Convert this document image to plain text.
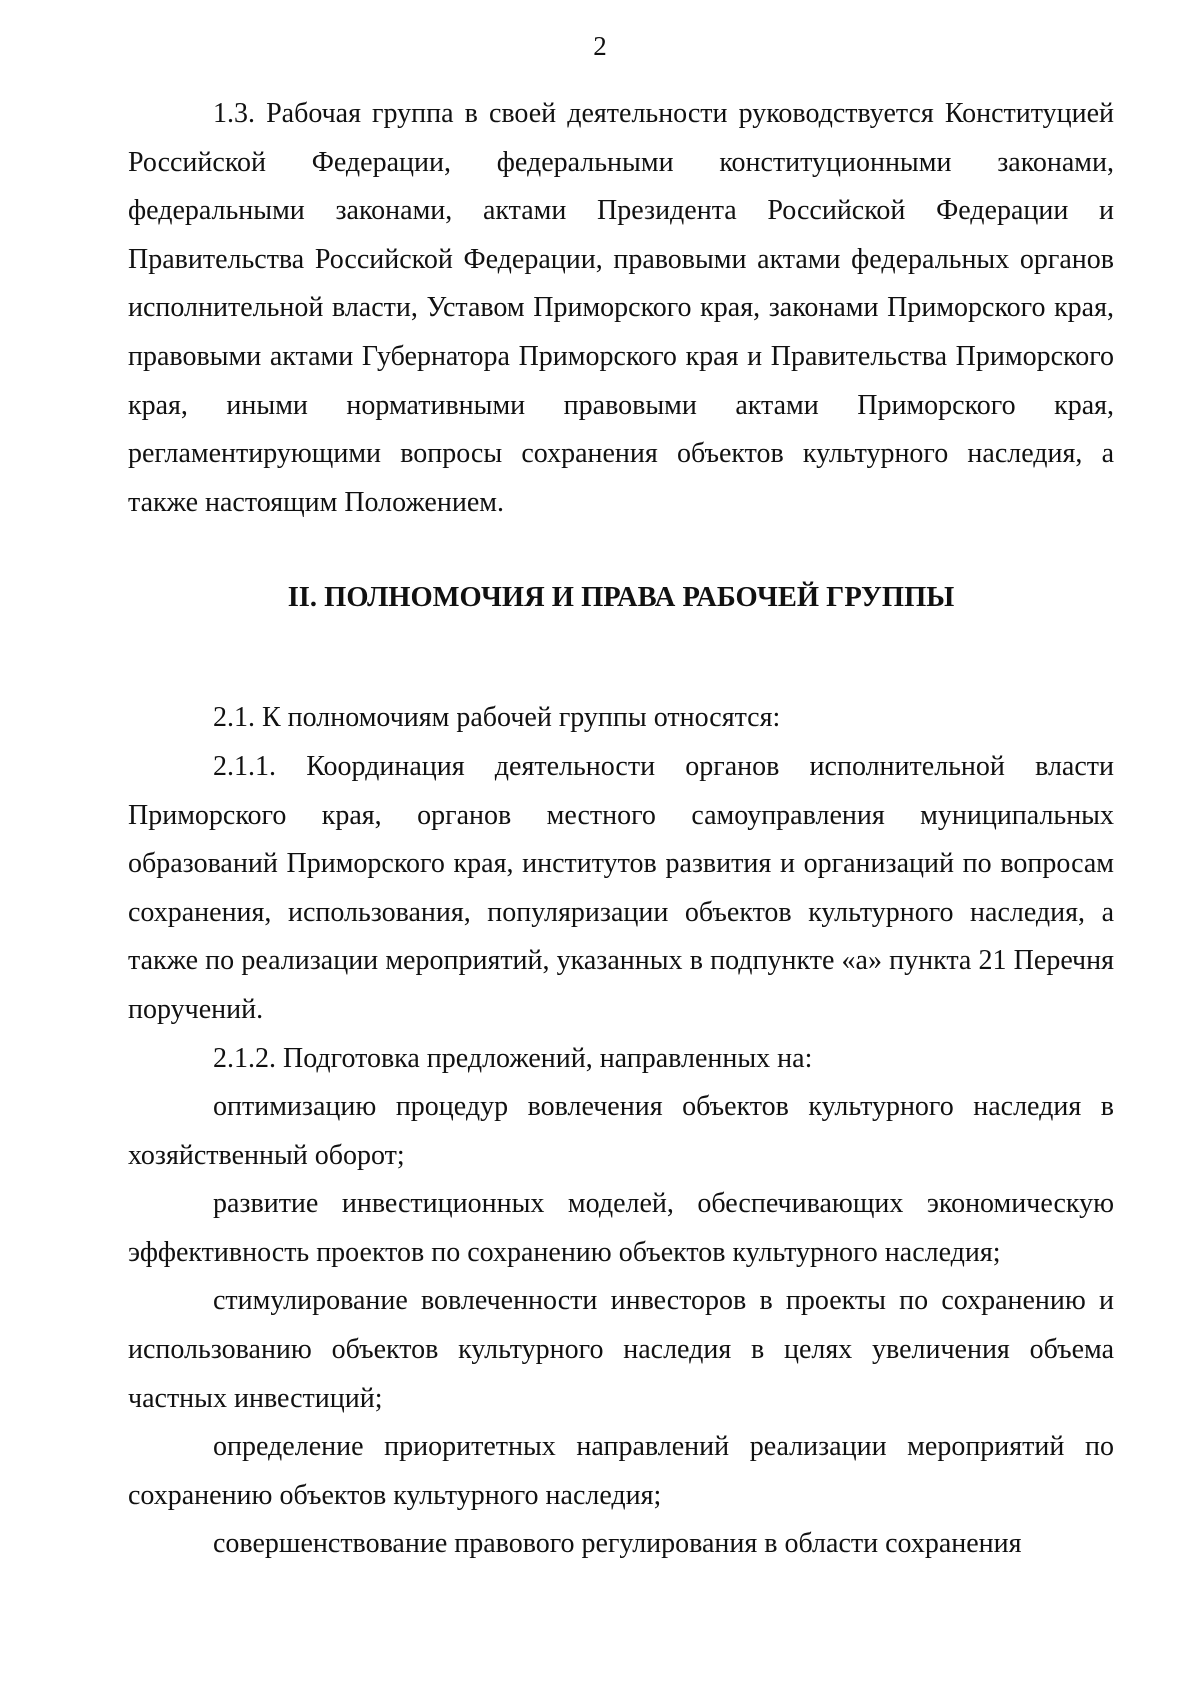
2

1.3. Рабочая группа в своей деятельности руководствуется Конституцией Российской Федерации, федеральными конституционными законами, федеральными законами, актами Президента Российской Федерации и Правительства Российской Федерации, правовыми актами федеральных органов исполнительной власти, Уставом Приморского края, законами Приморского края, правовыми актами Губернатора Приморского края и Правительства Приморского края, иными нормативными правовыми актами Приморского края, регламентирующими вопросы сохранения объектов культурного наследия, а также настоящим Положением.

II. ПОЛНОМОЧИЯ И ПРАВА РАБОЧЕЙ ГРУППЫ

2.1. К полномочиям рабочей группы относятся:

2.1.1. Координация деятельности органов исполнительной власти Приморского края, органов местного самоуправления муниципальных образований Приморского края, институтов развития и организаций по вопросам сохранения, использования, популяризации объектов культурного наследия, а также по реализации мероприятий, указанных в подпункте «а» пункта 21 Перечня поручений.

2.1.2. Подготовка предложений, направленных на:

оптимизацию процедур вовлечения объектов культурного наследия в хозяйственный оборот;

развитие инвестиционных моделей, обеспечивающих экономическую эффективность проектов по сохранению объектов культурного наследия;

стимулирование вовлеченности инвесторов в проекты по сохранению и использованию объектов культурного наследия в целях увеличения объема частных инвестиций;

определение приоритетных направлений реализации мероприятий по сохранению объектов культурного наследия;

совершенствование правового регулирования в области сохранения
